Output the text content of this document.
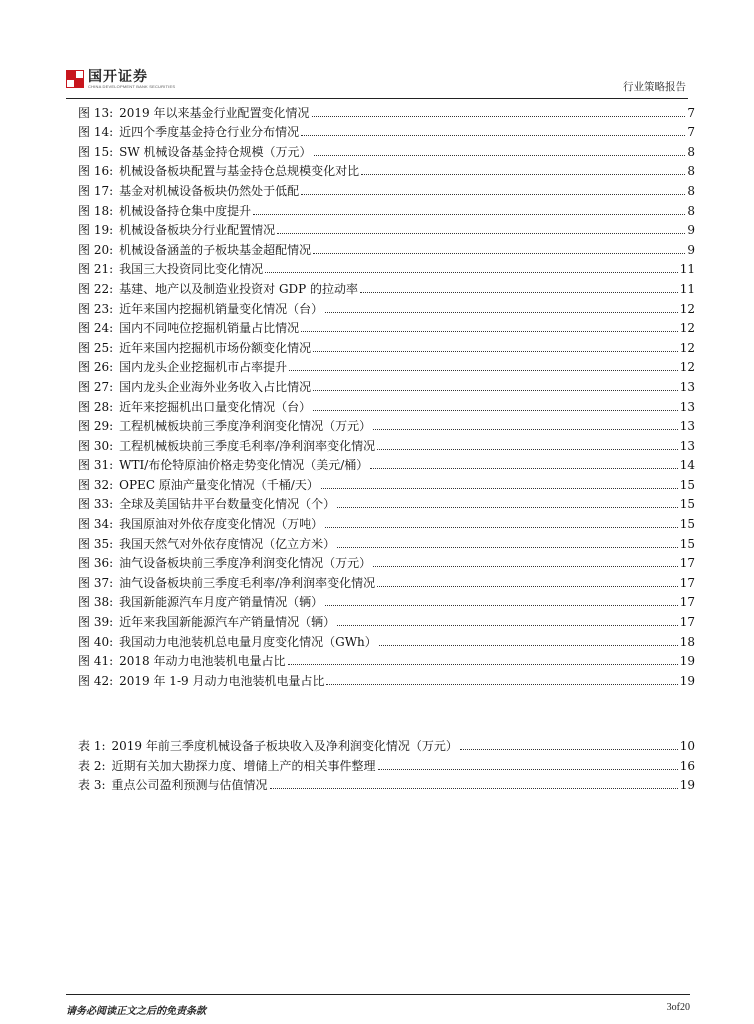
国开证券
CHINA DEVELOPMENT BANK SECURITIES	行业策略报告
图 13: 2019 年以来基金行业配置变化情况	7
图 14: 近四个季度基金持仓行业分布情况	7
图 15: SW 机械设备基金持仓规模（万元）	8
图 16: 机械设备板块配置与基金持仓总规模变化对比	8
图 17: 基金对机械设备板块仍然处于低配	8
图 18: 机械设备持仓集中度提升	8
图 19: 机械设备板块分行业配置情况	9
图 20: 机械设备涵盖的子板块基金超配情况	9
图 21: 我国三大投资同比变化情况	11
图 22: 基建、地产以及制造业投资对 GDP 的拉动率	11
图 23: 近年来国内挖掘机销量变化情况（台）	12
图 24: 国内不同吨位挖掘机销量占比情况	12
图 25: 近年来国内挖掘机市场份额变化情况	12
图 26: 国内龙头企业挖掘机市占率提升	12
图 27: 国内龙头企业海外业务收入占比情况	13
图 28: 近年来挖掘机出口量变化情况（台）	13
图 29: 工程机械板块前三季度净利润变化情况（万元）	13
图 30: 工程机械板块前三季度毛利率/净利润率变化情况	13
图 31: WTI/布伦特原油价格走势变化情况（美元/桶）	14
图 32: OPEC 原油产量变化情况（千桶/天）	15
图 33: 全球及美国钻井平台数量变化情况（个）	15
图 34: 我国原油对外依存度变化情况（万吨）	15
图 35: 我国天然气对外依存度情况（亿立方米）	15
图 36: 油气设备板块前三季度净利润变化情况（万元）	17
图 37: 油气设备板块前三季度毛利率/净利润率变化情况	17
图 38: 我国新能源汽车月度产销量情况（辆）	17
图 39: 近年来我国新能源汽车产销量情况（辆）	17
图 40: 我国动力电池装机总电量月度变化情况（GWh）	18
图 41: 2018 年动力电池装机电量占比	19
图 42: 2019 年 1-9 月动力电池装机电量占比	19
表 1: 2019 年前三季度机械设备子板块收入及净利润变化情况（万元）	10
表 2: 近期有关加大勘探力度、增储上产的相关事件整理	16
表 3: 重点公司盈利预测与估值情况	19
请务必阅读正文之后的免责条款	3of20
